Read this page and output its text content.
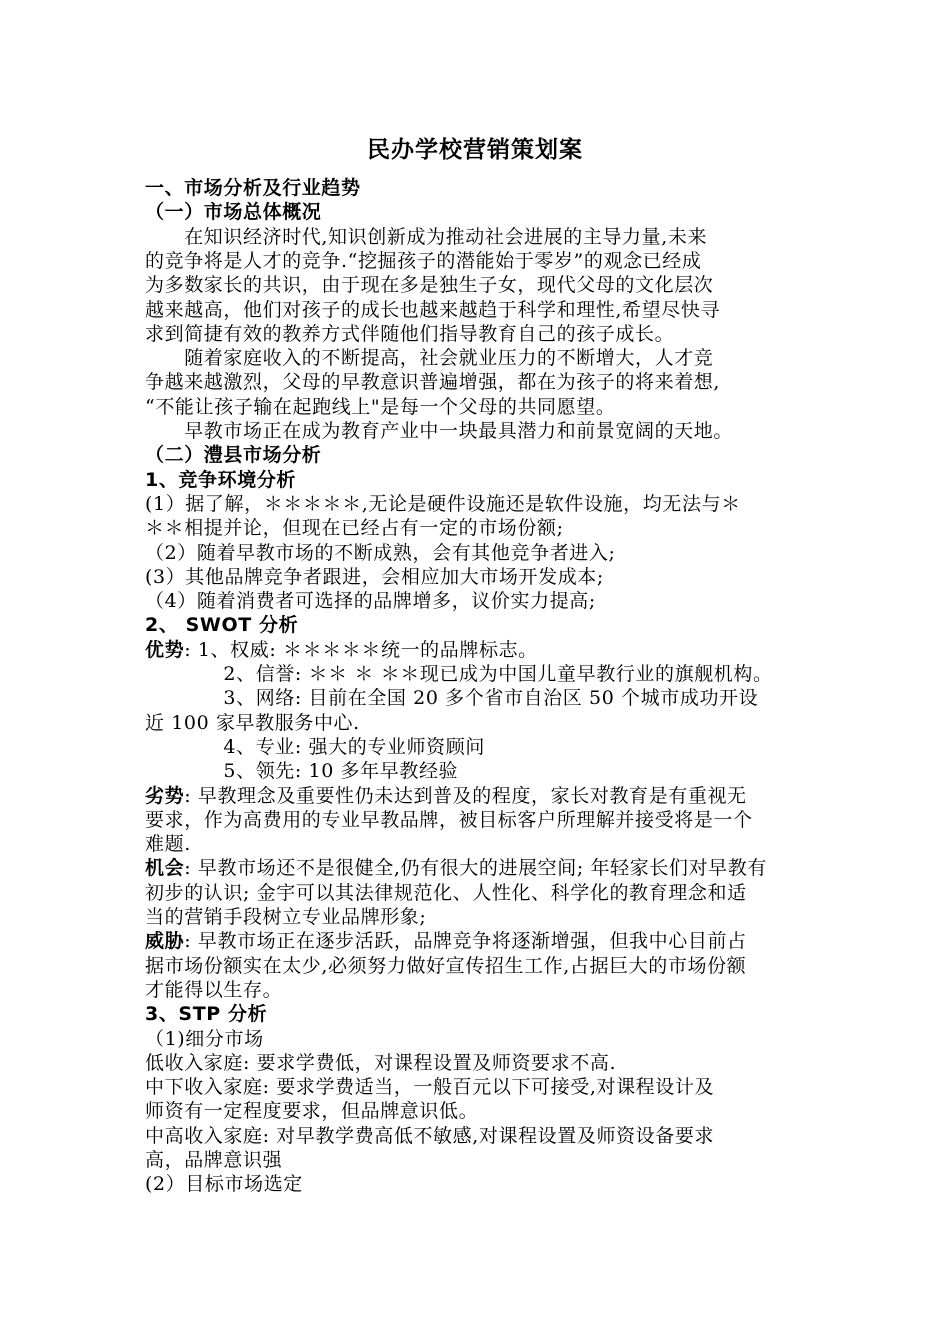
民办学校营销策划案
一、市场分析及行业趋势
（一）市场总体概况
　　在知识经济时代,知识创新成为推动社会进展的主导力量,未来
的竞争将是人才的竞争.“挖掘孩子的潜能始于零岁”的观念已经成
为多数家长的共识，由于现在多是独生子女，现代父母的文化层次
越来越高，他们对孩子的成长也越来越趋于科学和理性,希望尽快寻
求到简捷有效的教养方式伴随他们指导教育自己的孩子成长。
　　随着家庭收入的不断提高，社会就业压力的不断增大，人才竞
争越来越激烈，父母的早教意识普遍增强，都在为孩子的将来着想,
“不能让孩子输在起跑线上"是每一个父母的共同愿望。
　　早教市场正在成为教育产业中一块最具潜力和前景宽阔的天地。
（二）澧县市场分析
1、竞争环境分析
(1）据了解，＊＊＊＊＊,无论是硬件设施还是软件设施，均无法与＊
＊＊相提并论，但现在已经占有一定的市场份额;
（2）随着早教市场的不断成熟，会有其他竞争者进入;
(3）其他品牌竞争者跟进，会相应加大市场开发成本;
（4）随着消费者可选择的品牌增多，议价实力提高;
2、 SWOT 分析
优势: 1、权威: ＊＊＊＊＊统一的品牌标志。
　　　　2、信誉: ＊＊ ＊ ＊＊现已成为中国儿童早教行业的旗舰机构。
　　　　3、网络: 目前在全国 20 多个省市自治区 50 个城市成功开设
近 100 家早教服务中心.
　　　　4、专业: 强大的专业师资顾问
　　　　5、领先: 10 多年早教经验
劣势: 早教理念及重要性仍未达到普及的程度，家长对教育是有重视无
要求，作为高费用的专业早教品牌，被目标客户所理解并接受将是一个
难题.
机会: 早教市场还不是很健全,仍有很大的进展空间; 年轻家长们对早教有
初步的认识; 金宇可以其法律规范化、人性化、科学化的教育理念和适
当的营销手段树立专业品牌形象;
威胁: 早教市场正在逐步活跃，品牌竞争将逐渐增强，但我中心目前占
据市场份额实在太少,必须努力做好宣传招生工作,占据巨大的市场份额
才能得以生存。
3、STP 分析
（1)细分市场
低收入家庭: 要求学费低，对课程设置及师资要求不高.
中下收入家庭: 要求学费适当，一般百元以下可接受,对课程设计及
师资有一定程度要求，但品牌意识低。
中高收入家庭: 对早教学费高低不敏感,对课程设置及师资设备要求
高，品牌意识强
(2）目标市场选定
